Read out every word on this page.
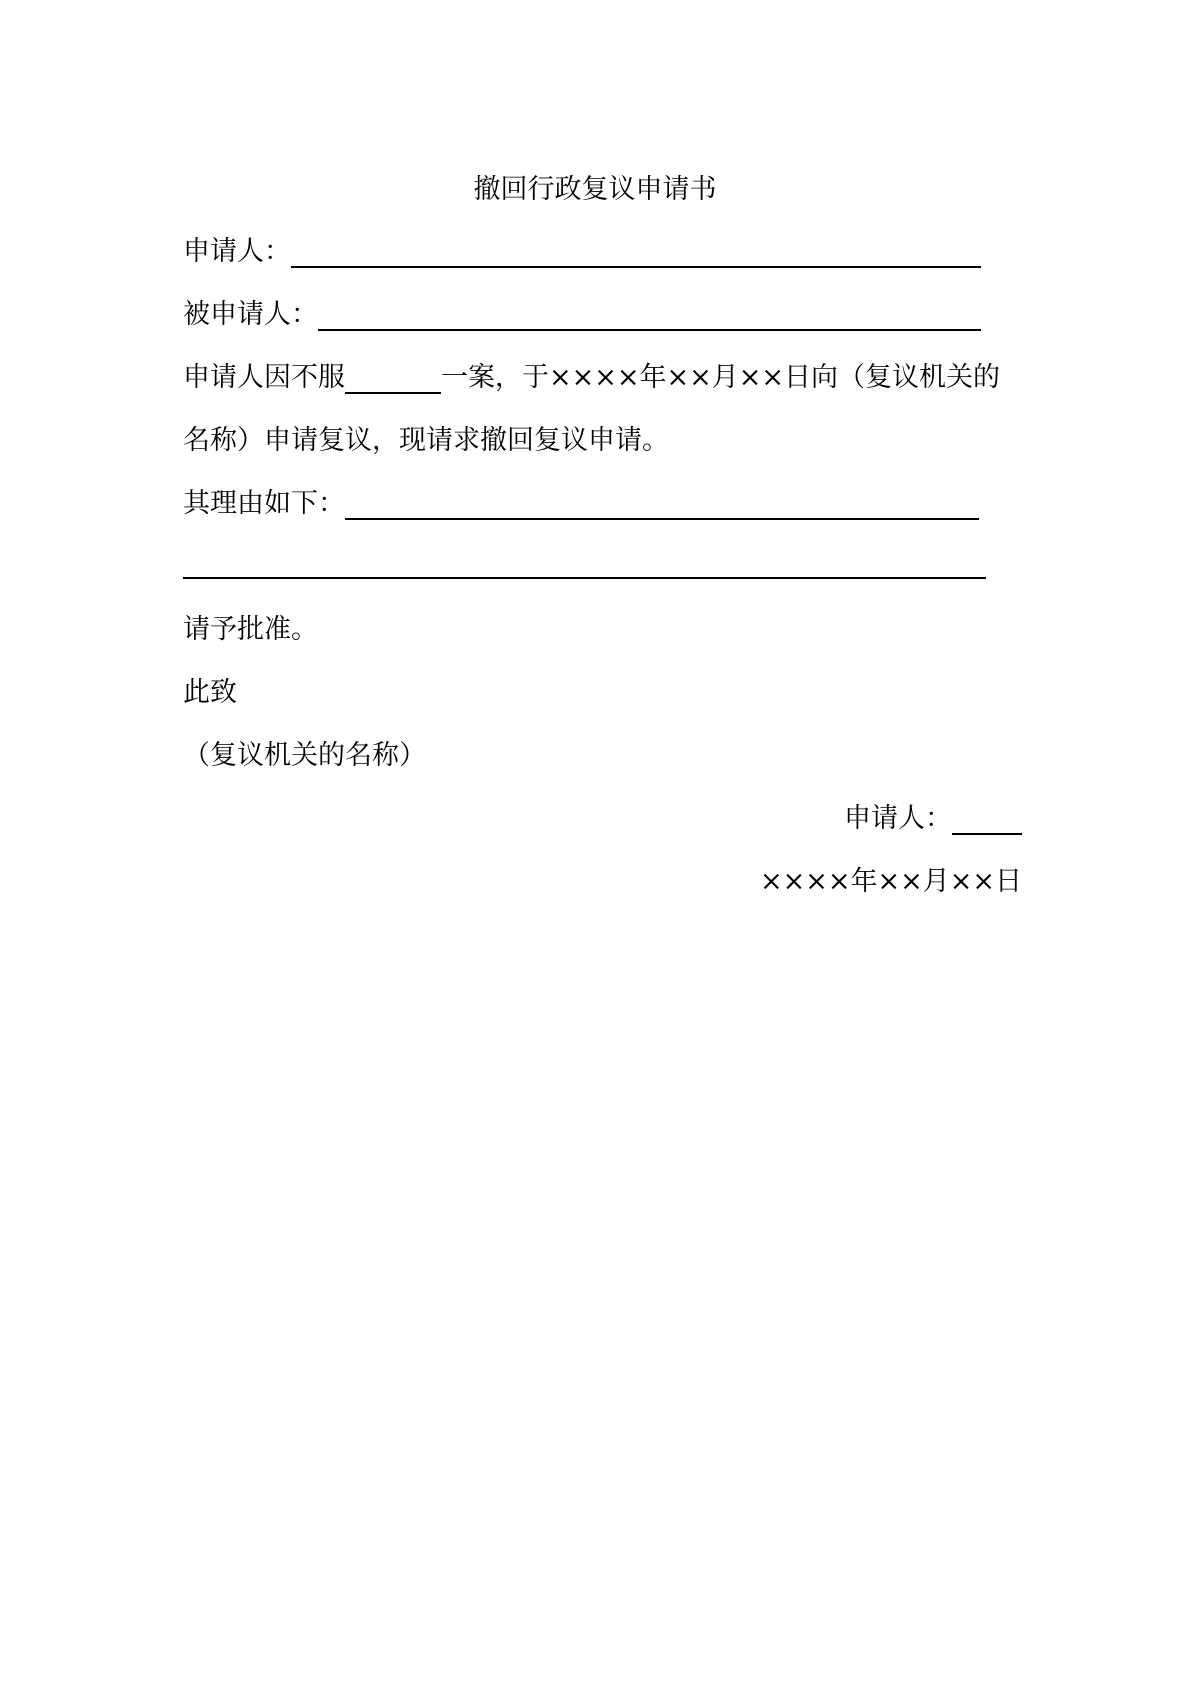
撤回行政复议申请书
申请人：
被申请人：
申请人因不服	一案，于××××年××月××日向（复议机关的
名称）申请复议，现请求撤回复议申请。
其理由如下：
请予批准。
此致
（复议机关的名称）
申请人：
××××年××月××日
